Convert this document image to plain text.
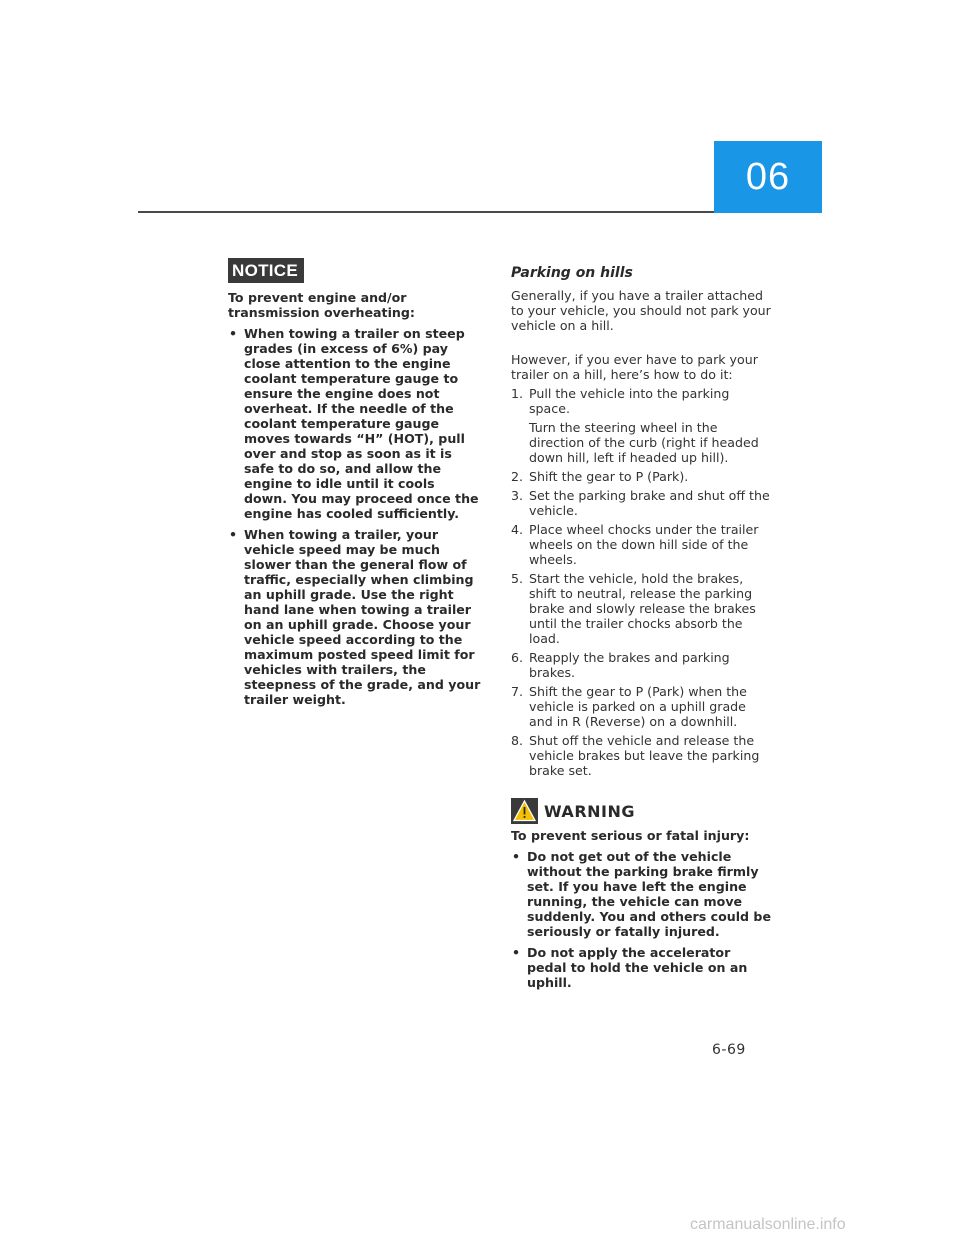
06
NOTICE
To prevent engine and/or transmission overheating:
• When towing a trailer on steep grades (in excess of 6%) pay close attention to the engine coolant temperature gauge to ensure the engine does not overheat. If the needle of the coolant temperature gauge moves towards “H” (HOT), pull over and stop as soon as it is safe to do so, and allow the engine to idle until it cools down. You may proceed once the engine has cooled sufficiently.
• When towing a trailer, your vehicle speed may be much slower than the general flow of traffic, especially when climbing an uphill grade. Use the right hand lane when towing a trailer on an uphill grade. Choose your vehicle speed according to the maximum posted speed limit for vehicles with trailers, the steepness of the grade, and your trailer weight.
Parking on hills

Generally, if you have a trailer attached to your vehicle, you should not park your vehicle on a hill.

However, if you ever have to park your trailer on a hill, here’s how to do it:

1. Pull the vehicle into the parking space.
Turn the steering wheel in the direction of the curb (right if headed down hill, left if headed up hill).
2. Shift the gear to P (Park).
3. Set the parking brake and shut off the vehicle.
4. Place wheel chocks under the trailer wheels on the down hill side of the wheels.
5. Start the vehicle, hold the brakes, shift to neutral, release the parking brake and slowly release the brakes until the trailer chocks absorb the load.
6. Reapply the brakes and parking brakes.
7. Shift the gear to P (Park) when the vehicle is parked on a uphill grade and in R (Reverse) on a downhill.
8. Shut off the vehicle and release the vehicle brakes but leave the parking brake set.
WARNING
To prevent serious or fatal injury:
• Do not get out of the vehicle without the parking brake firmly set. If you have left the engine running, the vehicle can move suddenly. You and others could be seriously or fatally injured.
• Do not apply the accelerator pedal to hold the vehicle on an uphill.
6-69
carmanualsonline.info
